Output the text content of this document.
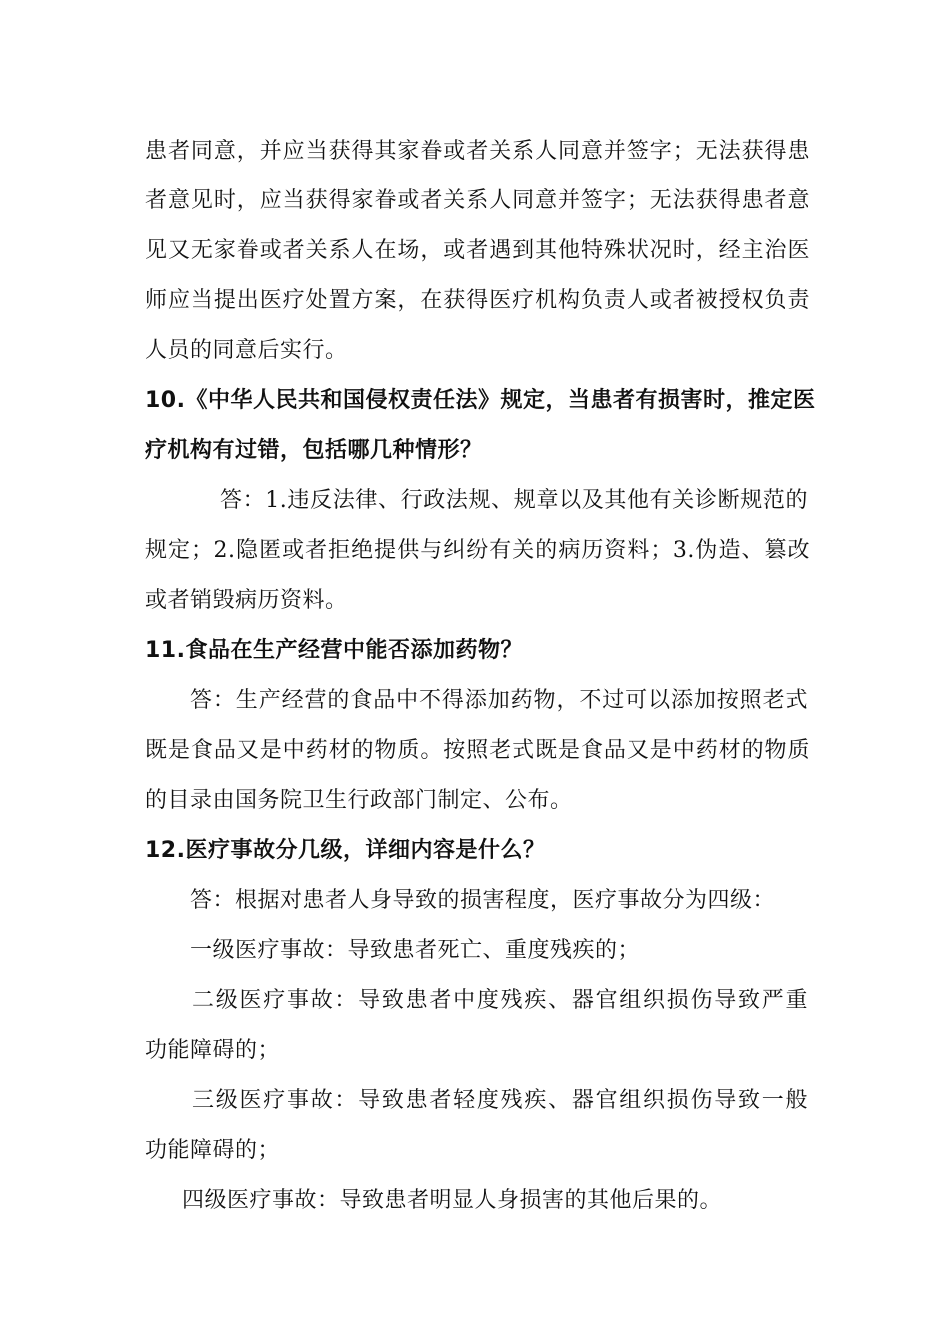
患者同意，并应当获得其家眷或者关系人同意并签字；无法获得患
者意见时，应当获得家眷或者关系人同意并签字；无法获得患者意
见又无家眷或者关系人在场，或者遇到其他特殊状况时，经主治医
师应当提出医疗处置方案，在获得医疗机构负责人或者被授权负责
人员的同意后实行。
10.《中华人民共和国侵权责任法》规定，当患者有损害时，推定医
疗机构有过错，包括哪几种情形？
答：1.违反法律、行政法规、规章以及其他有关诊断规范的
规定；2.隐匿或者拒绝提供与纠纷有关的病历资料；3.伪造、篡改
或者销毁病历资料。
11.食品在生产经营中能否添加药物？
答：生产经营的食品中不得添加药物，不过可以添加按照老式
既是食品又是中药材的物质。按照老式既是食品又是中药材的物质
的目录由国务院卫生行政部门制定、公布。
12.医疗事故分几级，详细内容是什么？
答：根据对患者人身导致的损害程度，医疗事故分为四级：
一级医疗事故：导致患者死亡、重度残疾的；
二级医疗事故：导致患者中度残疾、器官组织损伤导致严重
功能障碍的；
三级医疗事故：导致患者轻度残疾、器官组织损伤导致一般
功能障碍的；
四级医疗事故：导致患者明显人身损害的其他后果的。
